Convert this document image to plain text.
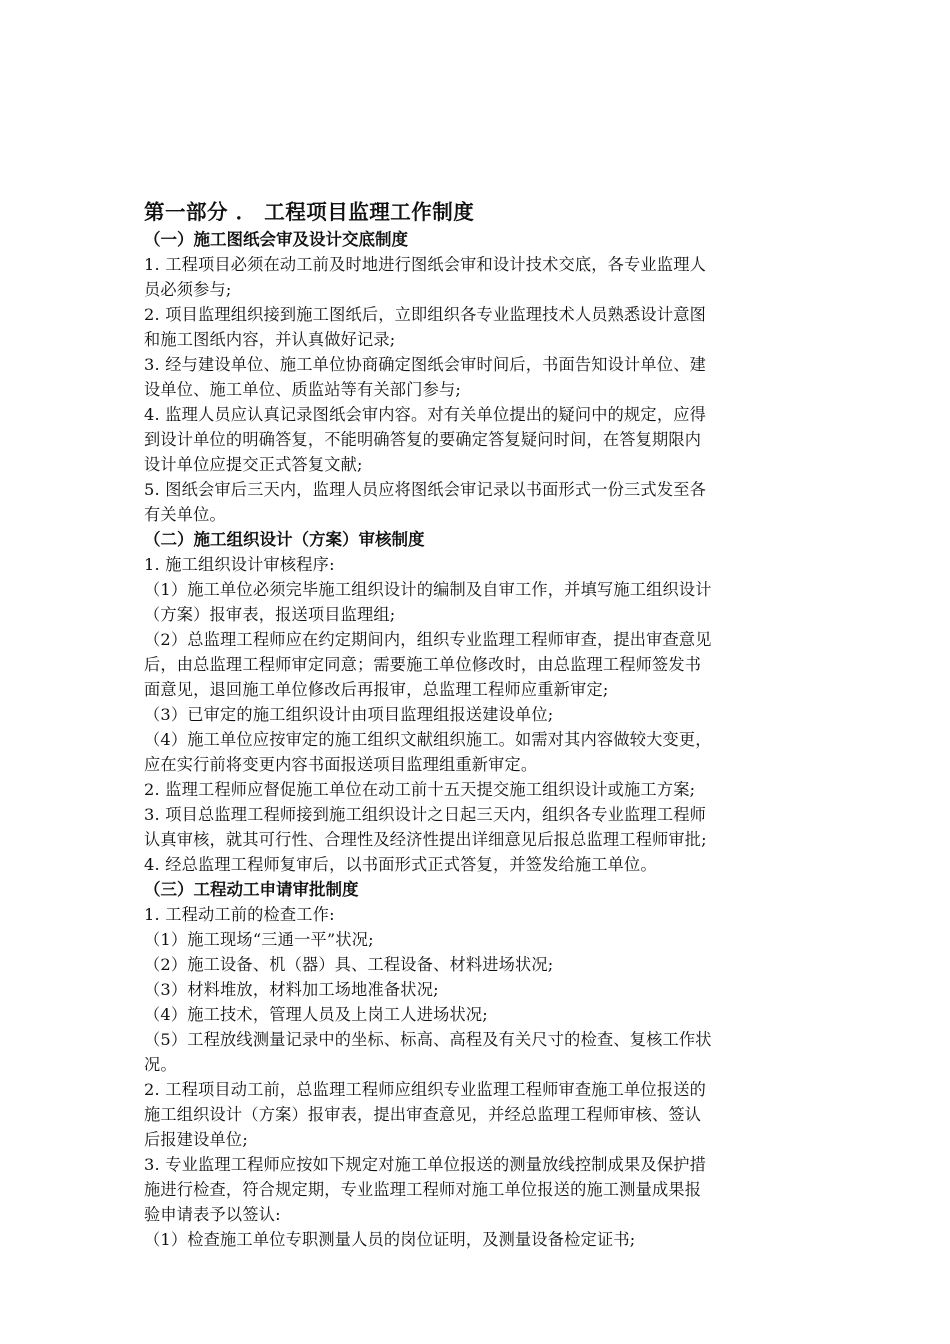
第一部分 ． 工程项目监理工作制度
（一）施工图纸会审及设计交底制度

1. 工程项目必须在动工前及时地进行图纸会审和设计技术交底，各专业监理人
员必须参与;

2. 项目监理组织接到施工图纸后，立即组织各专业监理技术人员熟悉设计意图
和施工图纸内容，并认真做好记录;

3. 经与建设单位、施工单位协商确定图纸会审时间后，书面告知设计单位、建
设单位、施工单位、质监站等有关部门参与;

4. 监理人员应认真记录图纸会审内容。对有关单位提出的疑问中的规定，应得
到设计单位的明确答复，不能明确答复的要确定答复疑问时间，在答复期限内
设计单位应提交正式答复文献;

5. 图纸会审后三天内，监理人员应将图纸会审记录以书面形式一份三式发至各
有关单位。

（二）施工组织设计（方案）审核制度

1. 施工组织设计审核程序:

（1）施工单位必须完毕施工组织设计的编制及自审工作，并填写施工组织设计
（方案）报审表，报送项目监理组;

（2）总监理工程师应在约定期间内，组织专业监理工程师审查，提出审查意见
后，由总监理工程师审定同意；需要施工单位修改时，由总监理工程师签发书
面意见，退回施工单位修改后再报审，总监理工程师应重新审定;

（3）已审定的施工组织设计由项目监理组报送建设单位;

（4）施工单位应按审定的施工组织文献组织施工。如需对其内容做较大变更，
应在实行前将变更内容书面报送项目监理组重新审定。

2. 监理工程师应督促施工单位在动工前十五天提交施工组织设计或施工方案;

3. 项目总监理工程师接到施工组织设计之日起三天内，组织各专业监理工程师
认真审核，就其可行性、合理性及经济性提出详细意见后报总监理工程师审批;

4. 经总监理工程师复审后，以书面形式正式答复，并签发给施工单位。

（三）工程动工申请审批制度

1. 工程动工前的检查工作:

（1）施工现场“三通一平”状况;

（2）施工设备、机（器）具、工程设备、材料进场状况;

（3）材料堆放，材料加工场地准备状况;

（4）施工技术，管理人员及上岗工人进场状况;

（5）工程放线测量记录中的坐标、标高、高程及有关尺寸的检查、复核工作状
况。

2. 工程项目动工前，总监理工程师应组织专业监理工程师审查施工单位报送的
施工组织设计（方案）报审表，提出审查意见，并经总监理工程师审核、签认
后报建设单位;

3. 专业监理工程师应按如下规定对施工单位报送的测量放线控制成果及保护措
施进行检查，符合规定期，专业监理工程师对施工单位报送的施工测量成果报
验申请表予以签认:

（1）检查施工单位专职测量人员的岗位证明，及测量设备检定证书;
